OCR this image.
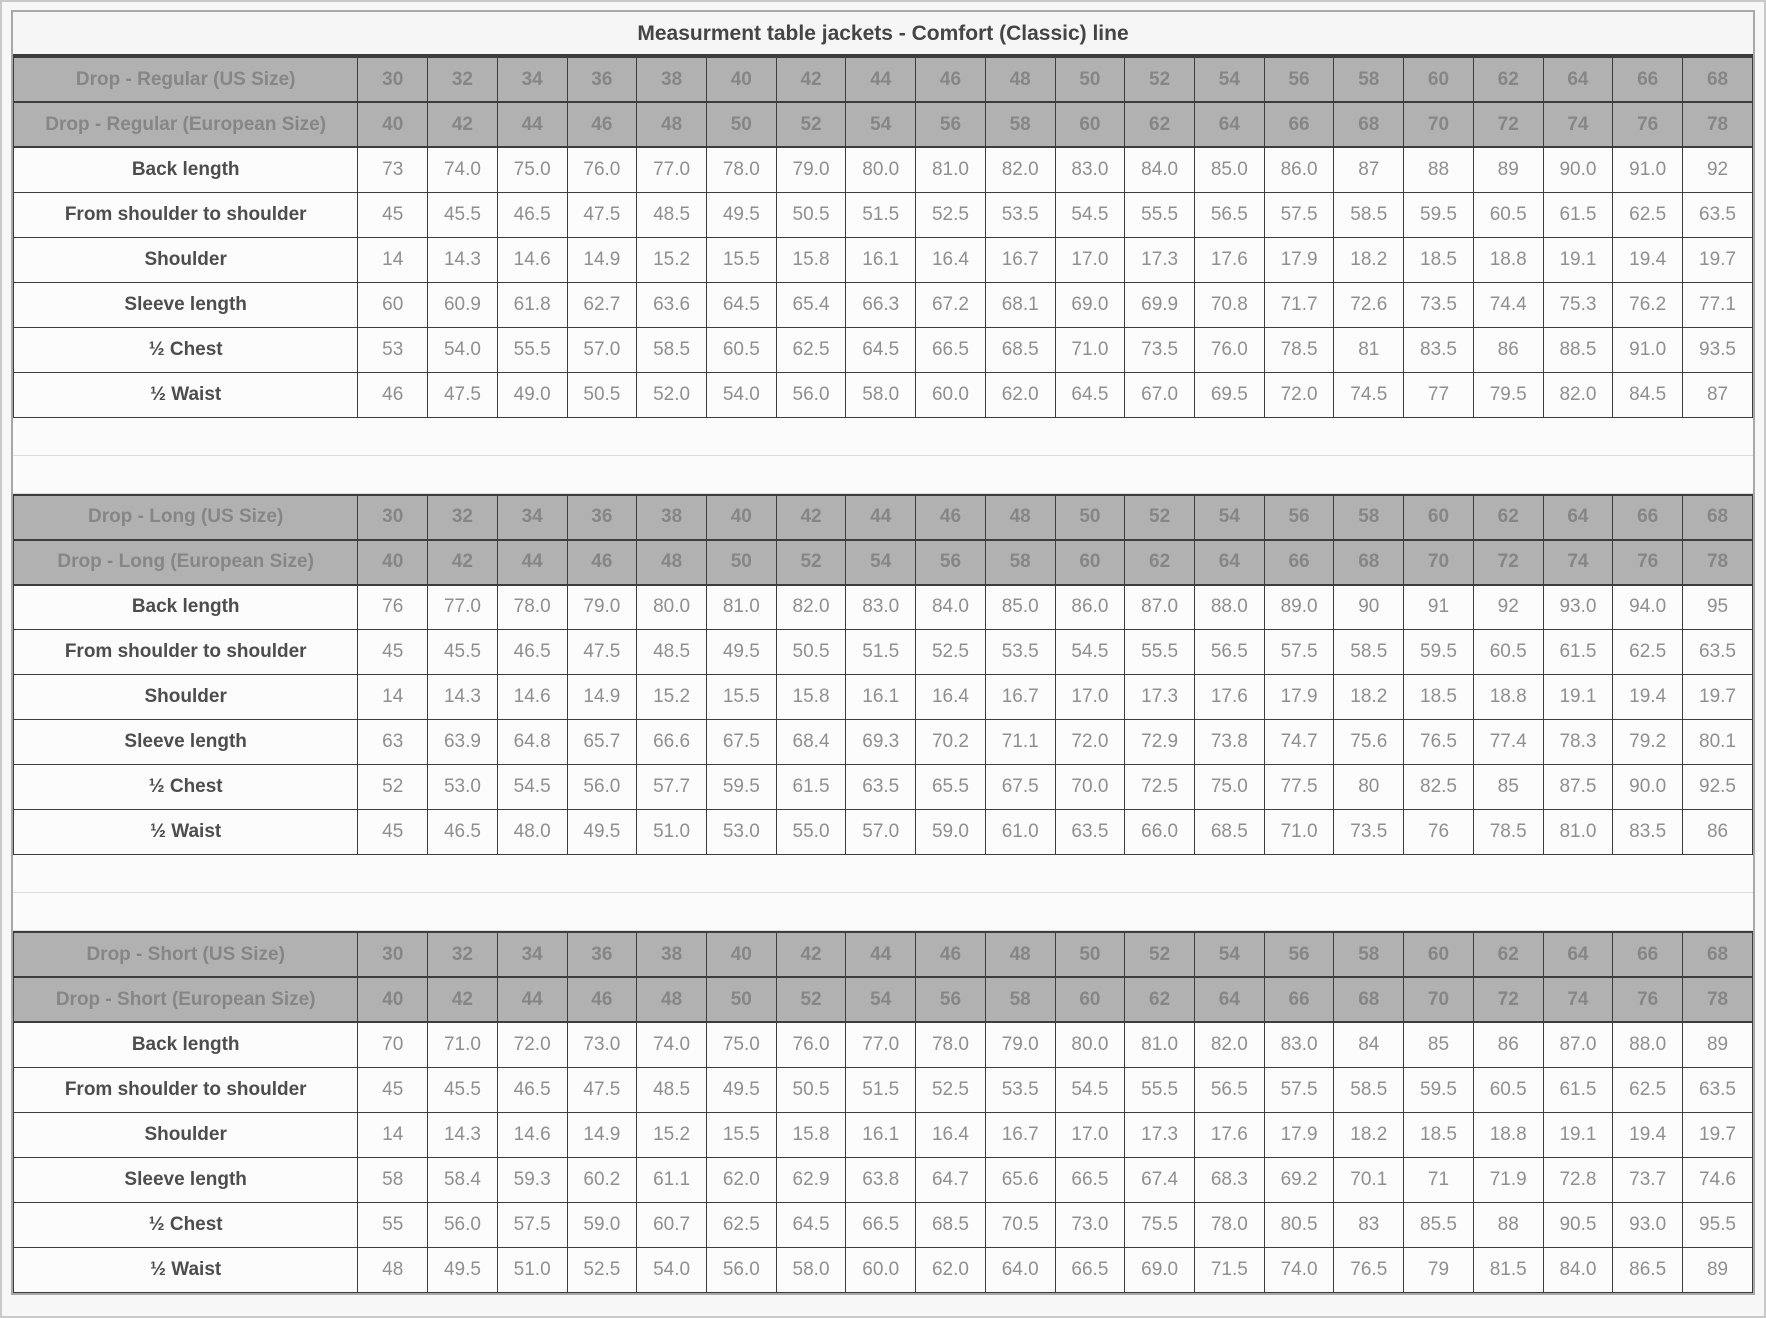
Measurment table jackets - Comfort (Classic) line
Drop - Regular (US Size)	30	32	34	36	38	40	42	44	46	48	50	52	54	56	58	60	62	64	66	68
Drop - Regular (European Size)	40	42	44	46	48	50	52	54	56	58	60	62	64	66	68	70	72	74	76	78
Back length	73	74.0	75.0	76.0	77.0	78.0	79.0	80.0	81.0	82.0	83.0	84.0	85.0	86.0	87	88	89	90.0	91.0	92
From shoulder to shoulder	45	45.5	46.5	47.5	48.5	49.5	50.5	51.5	52.5	53.5	54.5	55.5	56.5	57.5	58.5	59.5	60.5	61.5	62.5	63.5
Shoulder	14	14.3	14.6	14.9	15.2	15.5	15.8	16.1	16.4	16.7	17.0	17.3	17.6	17.9	18.2	18.5	18.8	19.1	19.4	19.7
Sleeve length	60	60.9	61.8	62.7	63.6	64.5	65.4	66.3	67.2	68.1	69.0	69.9	70.8	71.7	72.6	73.5	74.4	75.3	76.2	77.1
½ Chest	53	54.0	55.5	57.0	58.5	60.5	62.5	64.5	66.5	68.5	71.0	73.5	76.0	78.5	81	83.5	86	88.5	91.0	93.5
½ Waist	46	47.5	49.0	50.5	52.0	54.0	56.0	58.0	60.0	62.0	64.5	67.0	69.5	72.0	74.5	77	79.5	82.0	84.5	87
Drop - Long (US Size)	30	32	34	36	38	40	42	44	46	48	50	52	54	56	58	60	62	64	66	68
Drop - Long (European Size)	40	42	44	46	48	50	52	54	56	58	60	62	64	66	68	70	72	74	76	78
Back length	76	77.0	78.0	79.0	80.0	81.0	82.0	83.0	84.0	85.0	86.0	87.0	88.0	89.0	90	91	92	93.0	94.0	95
From shoulder to shoulder	45	45.5	46.5	47.5	48.5	49.5	50.5	51.5	52.5	53.5	54.5	55.5	56.5	57.5	58.5	59.5	60.5	61.5	62.5	63.5
Shoulder	14	14.3	14.6	14.9	15.2	15.5	15.8	16.1	16.4	16.7	17.0	17.3	17.6	17.9	18.2	18.5	18.8	19.1	19.4	19.7
Sleeve length	63	63.9	64.8	65.7	66.6	67.5	68.4	69.3	70.2	71.1	72.0	72.9	73.8	74.7	75.6	76.5	77.4	78.3	79.2	80.1
½ Chest	52	53.0	54.5	56.0	57.7	59.5	61.5	63.5	65.5	67.5	70.0	72.5	75.0	77.5	80	82.5	85	87.5	90.0	92.5
½ Waist	45	46.5	48.0	49.5	51.0	53.0	55.0	57.0	59.0	61.0	63.5	66.0	68.5	71.0	73.5	76	78.5	81.0	83.5	86
Drop - Short (US Size)	30	32	34	36	38	40	42	44	46	48	50	52	54	56	58	60	62	64	66	68
Drop - Short (European Size)	40	42	44	46	48	50	52	54	56	58	60	62	64	66	68	70	72	74	76	78
Back length	70	71.0	72.0	73.0	74.0	75.0	76.0	77.0	78.0	79.0	80.0	81.0	82.0	83.0	84	85	86	87.0	88.0	89
From shoulder to shoulder	45	45.5	46.5	47.5	48.5	49.5	50.5	51.5	52.5	53.5	54.5	55.5	56.5	57.5	58.5	59.5	60.5	61.5	62.5	63.5
Shoulder	14	14.3	14.6	14.9	15.2	15.5	15.8	16.1	16.4	16.7	17.0	17.3	17.6	17.9	18.2	18.5	18.8	19.1	19.4	19.7
Sleeve length	58	58.4	59.3	60.2	61.1	62.0	62.9	63.8	64.7	65.6	66.5	67.4	68.3	69.2	70.1	71	71.9	72.8	73.7	74.6
½ Chest	55	56.0	57.5	59.0	60.7	62.5	64.5	66.5	68.5	70.5	73.0	75.5	78.0	80.5	83	85.5	88	90.5	93.0	95.5
½ Waist	48	49.5	51.0	52.5	54.0	56.0	58.0	60.0	62.0	64.0	66.5	69.0	71.5	74.0	76.5	79	81.5	84.0	86.5	89
